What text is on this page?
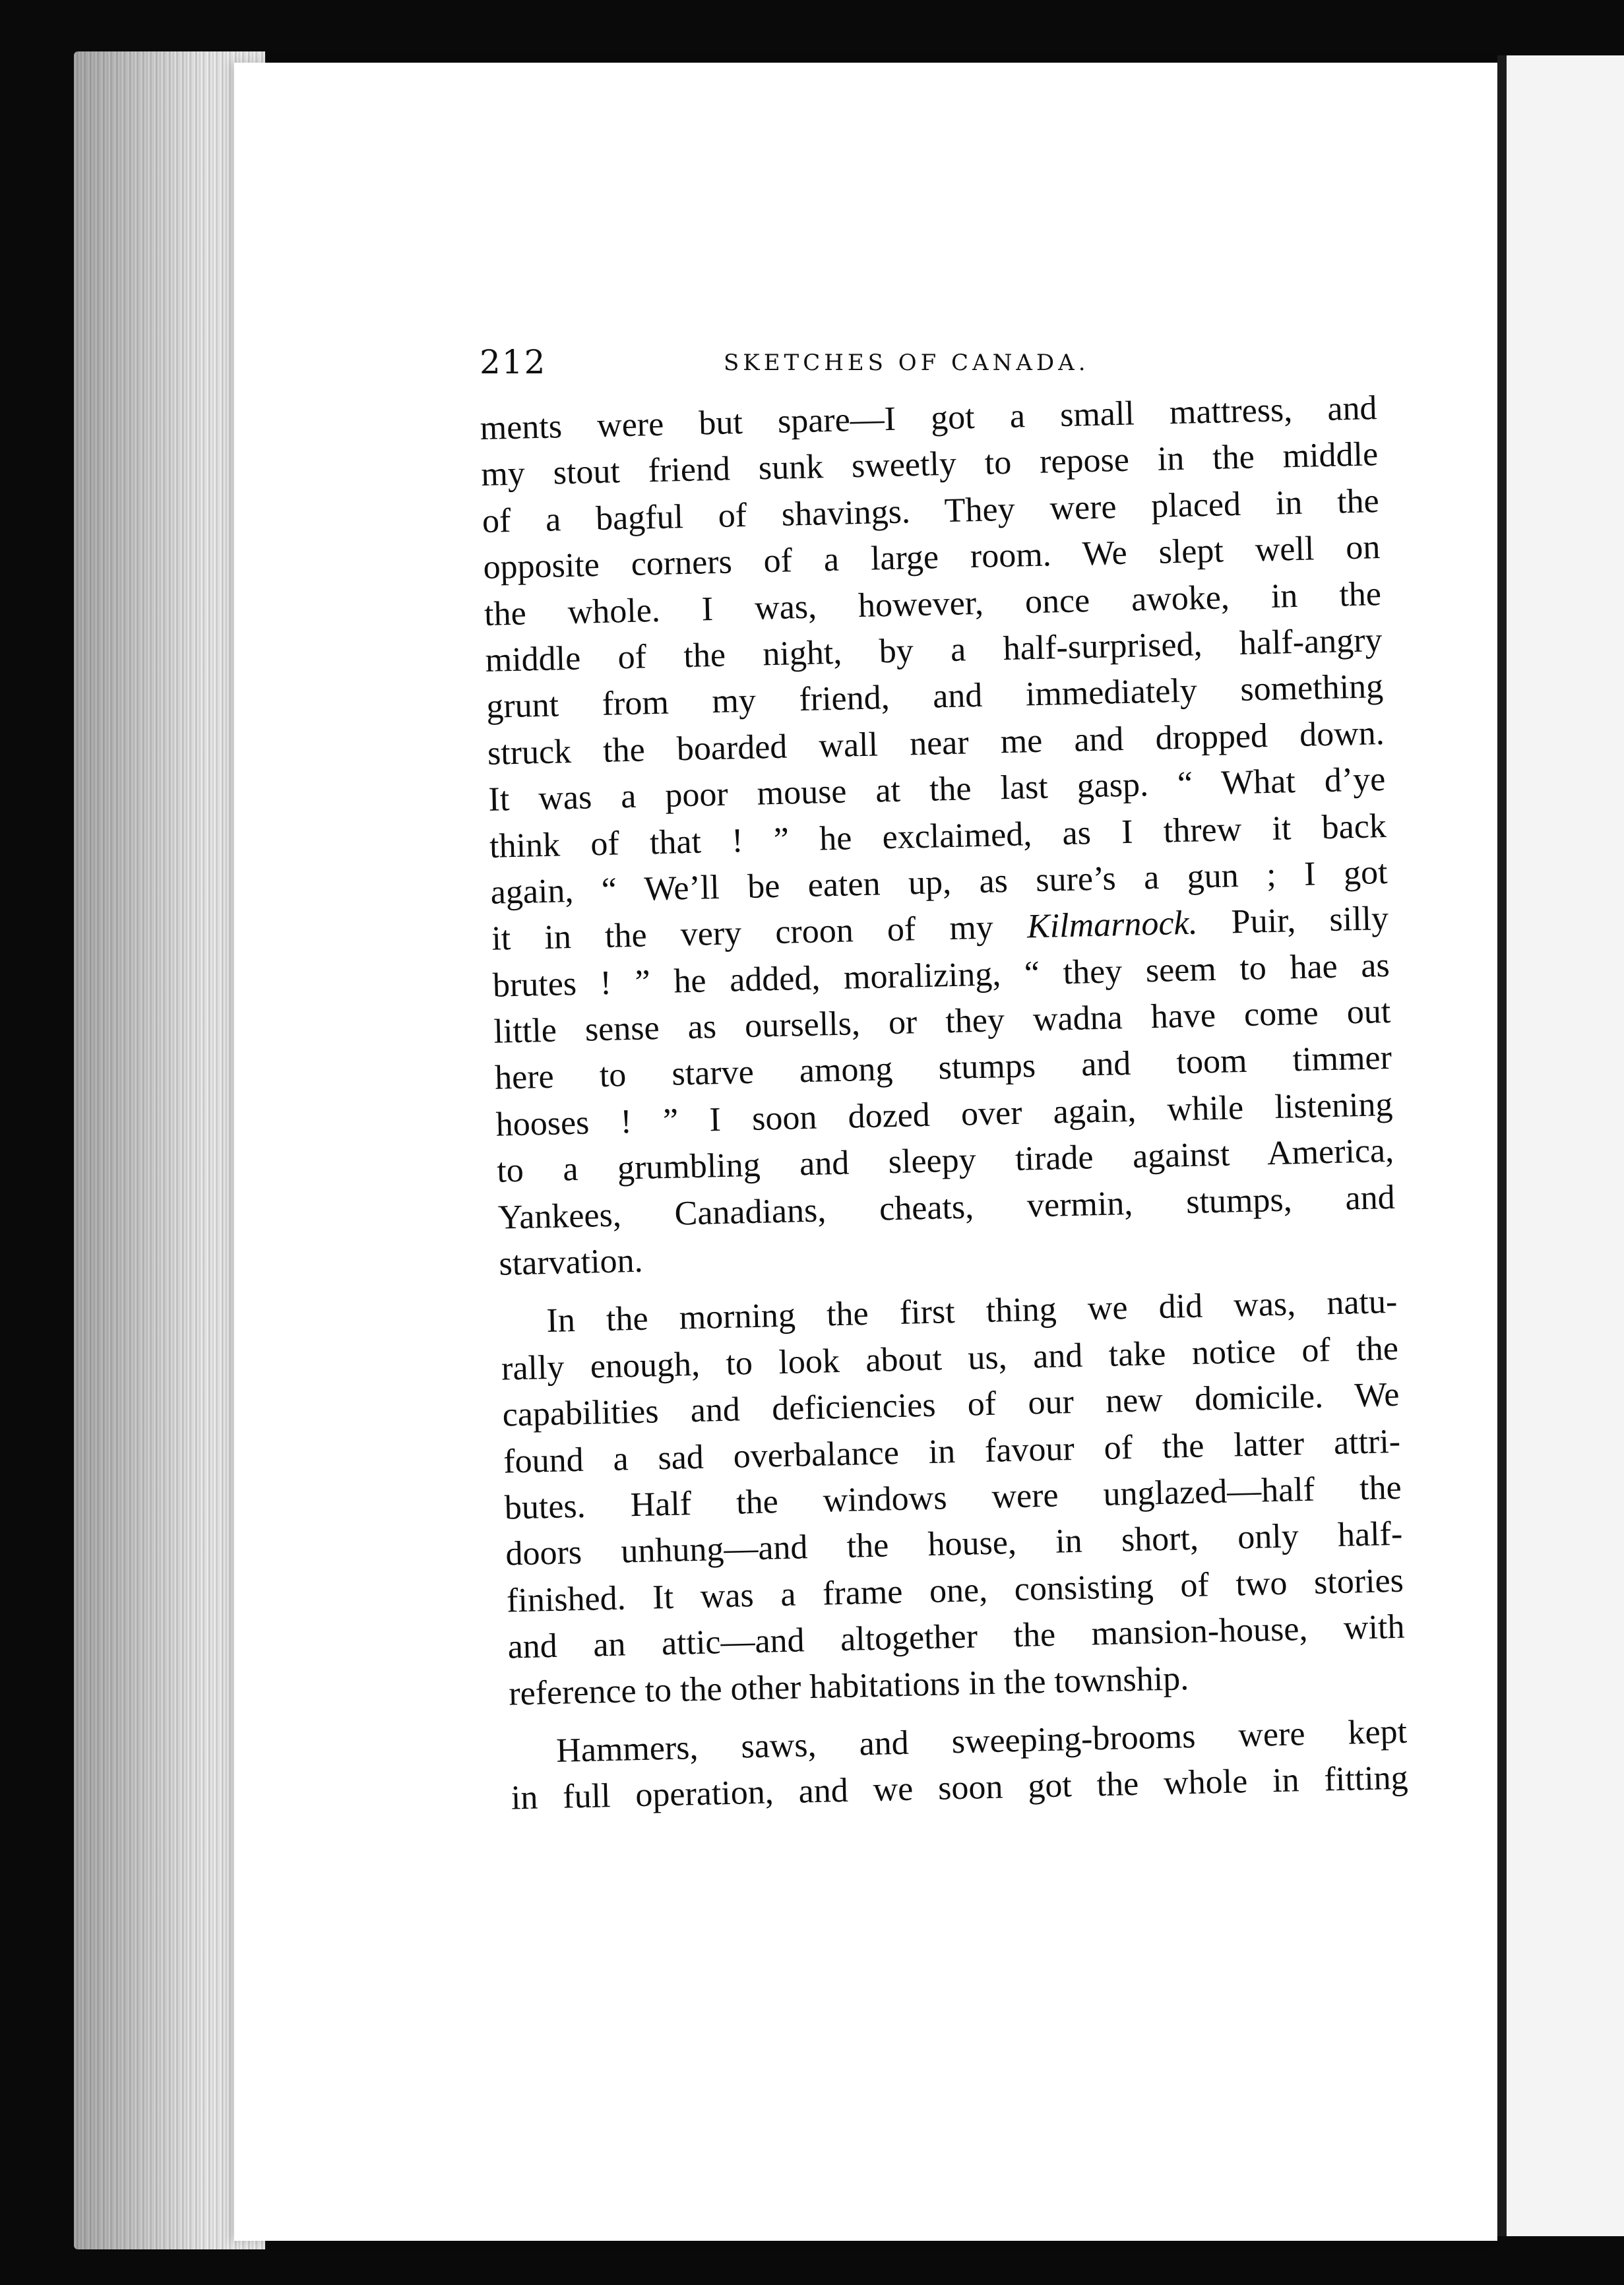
212	SKETCHES OF CANADA.
ments were but spare—I got a small mattress, and
my stout friend sunk sweetly to repose in the middle
of a bagful of shavings. They were placed in the
opposite corners of a large room. We slept well on
the whole. I was, however, once awoke, in the
middle of the night, by a half-surprised, half-angry
grunt from my friend, and immediately something
struck the boarded wall near me and dropped down.
It was a poor mouse at the last gasp. “ What d’ye
think of that ! ” he exclaimed, as I threw it back
again, “ We’ll be eaten up, as sure’s a gun ; I got
it in the very croon of my Kilmarnock. Puir, silly
brutes ! ” he added, moralizing, “ they seem to hae as
little sense as oursells, or they wadna have come out
here to starve among stumps and toom timmer
hooses ! ” I soon dozed over again, while listening
to a grumbling and sleepy tirade against America,
Yankees, Canadians, cheats, vermin, stumps, and
starvation.
In the morning the first thing we did was, natu-
rally enough, to look about us, and take notice of the
capabilities and deficiencies of our new domicile. We
found a sad overbalance in favour of the latter attri-
butes. Half the windows were unglazed—half the
doors unhung—and the house, in short, only half-
finished. It was a frame one, consisting of two stories
and an attic—and altogether the mansion-house, with
reference to the other habitations in the township.
Hammers, saws, and sweeping-brooms were kept
in full operation, and we soon got the whole in fitting
